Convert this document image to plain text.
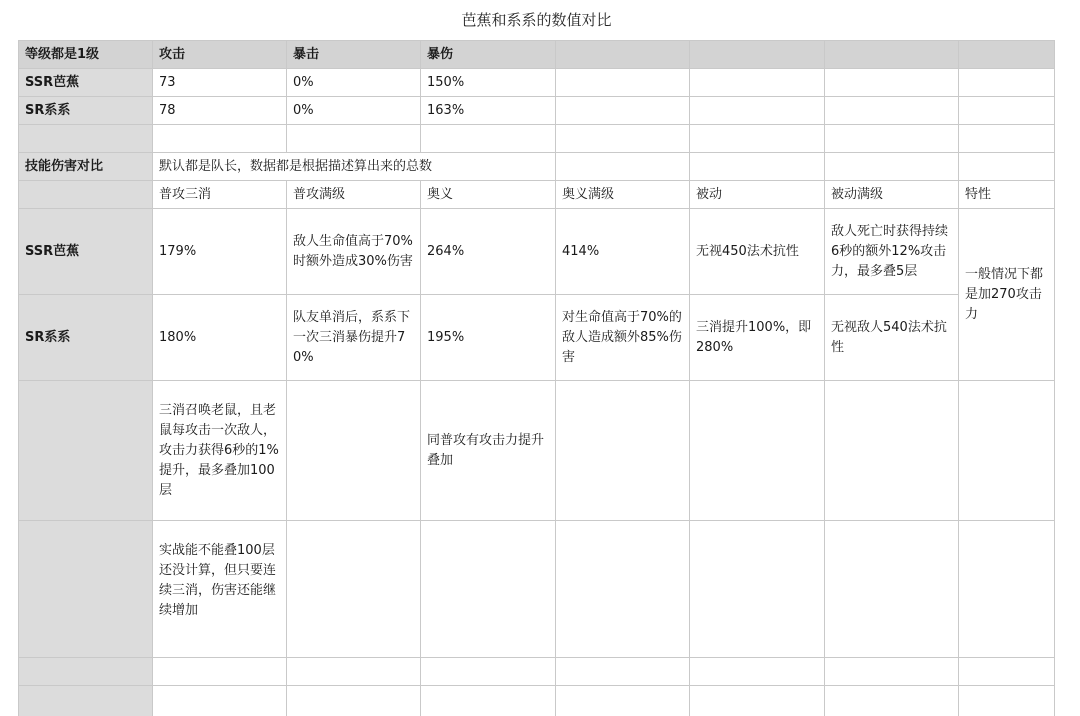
芭蕉和系系的数值对比
等级都是1级	攻击	暴击	暴伤				
SSR芭蕉	73	0%	150%				
SR系系	78	0%	163%				

技能伤害对比	默认都是队长，数据都是根据描述算出来的总数						
	普攻三消	普攻满级	奥义	奥义满级	被动	被动满级	特性
SSR芭蕉	179%	敌人生命值高于70%时额外造成30%伤害	264%	414%	无视450法术抗性	敌人死亡时获得持续6秒的额外12%攻击力，最多叠5层	一般情况下都是加270攻击力
SR系系	180%	队友单消后，系系下一次三消暴伤提升70%	195%	对生命值高于70%的敌人造成额外85%伤害	三消提升100%，即280%	无视敌人540法术抗性	
	三消召唤老鼠，且老鼠每攻击一次敌人，攻击力获得6秒的1%提升，最多叠加100层		同普攻有攻击力提升叠加				
	实战能不能叠100层还没计算，但只要连续三消，伤害还能继续增加						
